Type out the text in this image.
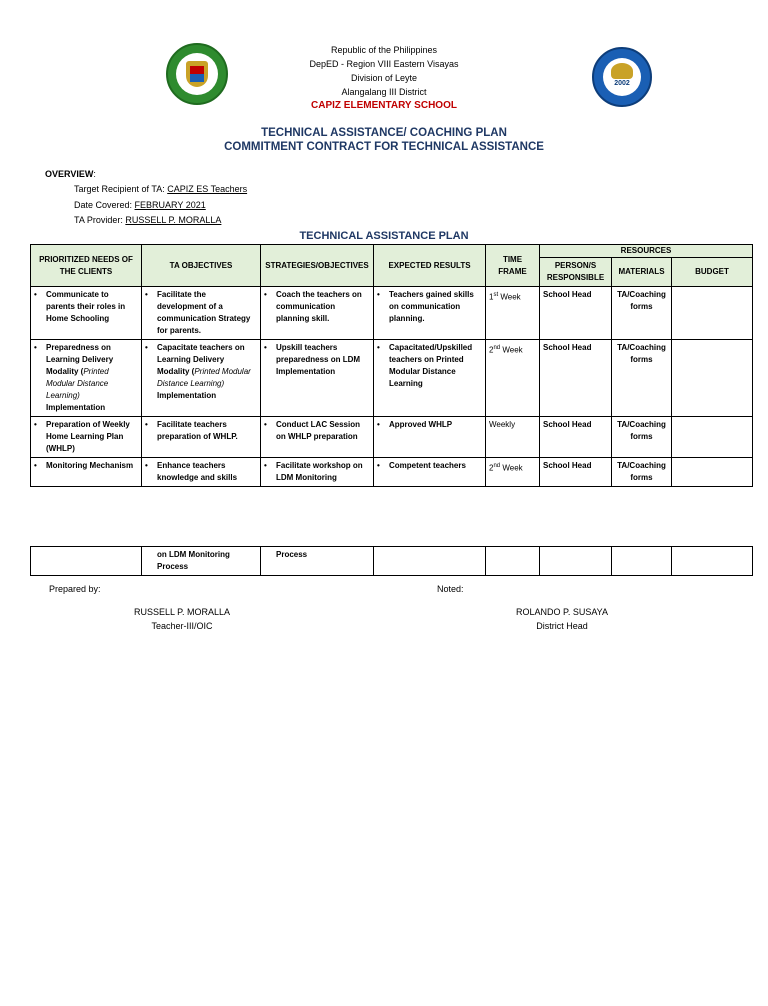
2002
Republic of the Philippines
DepED - Region VIII Eastern Visayas
Division of Leyte
Alangalang III District
CAPIZ ELEMENTARY SCHOOL
TECHNICAL ASSISTANCE/ COACHING PLAN
COMMITMENT CONTRACT FOR TECHNICAL ASSISTANCE
OVERVIEW:
Target Recipient of TA: CAPIZ ES Teachers
Date Covered: FEBRUARY 2021
TA Provider: RUSSELL P. MORALLA
TECHNICAL ASSISTANCE PLAN
PRIORITIZED NEEDS OF THE CLIENTS	TA OBJECTIVES	STRATEGIES/OBJECTIVES	EXPECTED RESULTS	TIME FRAME	RESOURCES		
					PERSON/S RESPONSIBLE	MATERIALS	BUDGET

• Communicate to parents their roles in Home Schooling	• Facilitate the development of a communication Strategy for parents.	• Coach the teachers on communication planning skill.	• Teachers gained skills on communication planning.	1st Week	School Head	TA/Coaching forms	

• Preparedness on Learning Delivery Modality (Printed Modular Distance Learning) Implementation	• Capacitate teachers on Learning Delivery Modality (Printed Modular Distance Learning) Implementation	• Upskill teachers preparedness on LDM Implementation	• Capacitated/Upskilled teachers on Printed Modular Distance Learning	2nd Week	School Head	TA/Coaching forms	

• Preparation of Weekly Home Learning Plan (WHLP)	• Facilitate teachers preparation of WHLP.	• Conduct LAC Session on WHLP preparation	• Approved WHLP	Weekly	School Head	TA/Coaching forms	

• Monitoring Mechanism	• Enhance teachers knowledge and skills	• Facilitate workshop on LDM Monitoring	• Competent teachers	2nd Week	School Head	TA/Coaching forms	
	on LDM Monitoring Process	Process					
Prepared by:	Noted:
RUSSELL P. MORALLA
Teacher-III/OIC
ROLANDO P. SUSAYA
District Head
